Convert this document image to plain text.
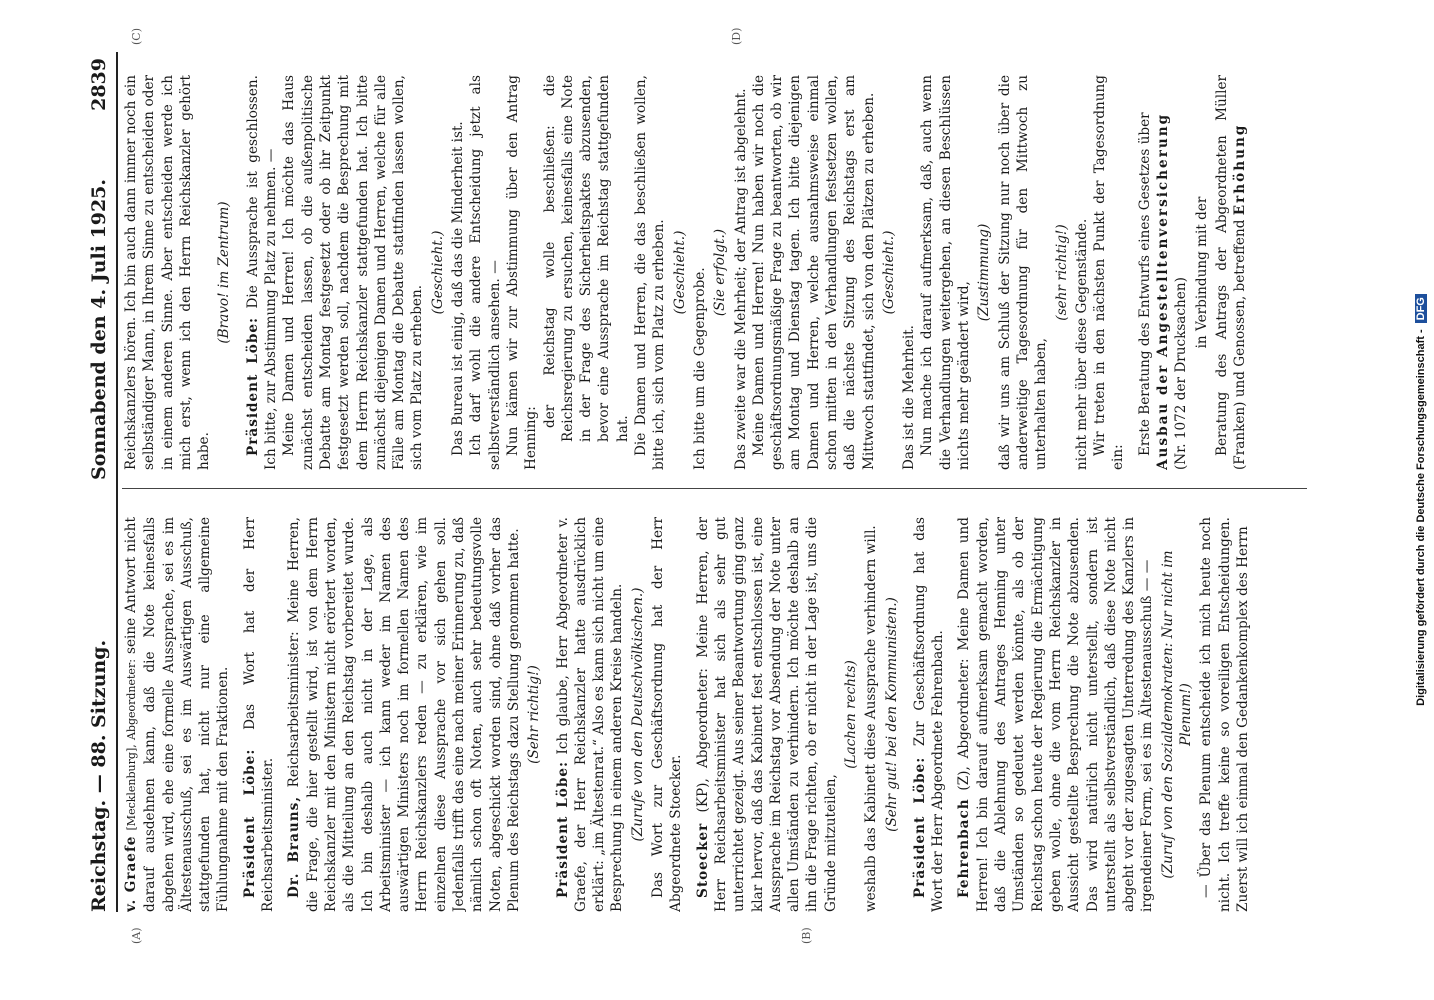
Reichstag. — 88. Sitzung.
Sonnabend den 4. Juli 1925.
2839
(A)	(B)
(C)	(D)

v. Graefe [Mecklenburg], Abgeordneter: seine Antwort nicht darauf ausdehnen kann, daß die Note keinesfalls abgehen wird, ehe eine formelle Aussprache, sei es im Ältestenausschuß, sei es im Auswärtigen Ausschuß, stattgefunden hat, nicht nur eine allgemeine Fühlungnahme mit den Fraktionen. Präsident Löbe: Das Wort hat der Herr Reichsarbeitsminister. Dr. Brauns, Reichsarbeitsminister: Meine Herren, die Frage, die hier gestellt wird, ist von dem Herrn Reichskanzler mit den Ministern nicht erörtert worden, als die Mitteilung an den Reichstag vorbereitet wurde. Ich bin deshalb auch nicht in der Lage, als Arbeitsminister — ich kann weder im Namen des auswärtigen Ministers noch im formellen Namen des Herrn Reichskanzlers reden — zu erklären, wie im einzelnen diese Aussprache vor sich gehen soll. Jedenfalls trifft das eine nach meiner Erinnerung zu, daß nämlich schon oft Noten, auch sehr bedeutungsvolle Noten, abgeschickt worden sind, ohne daß vorher das Plenum des Reichstags dazu Stellung genommen hatte. (Sehr richtig!)

Präsident Löbe: Ich glaube, Herr Abgeordneter v. Graefe, der Herr Reichskanzler hatte ausdrücklich erklärt: „im Ältestenrat.“ Also es kann sich nicht um eine Besprechung in einem anderen Kreise handeln. (Zurufe von den Deutschvölkischen.) Das Wort zur Geschäftsordnung hat der Herr Abgeordnete Stoecker. Stoecker (KP), Abgeordneter: Meine Herren, der Herr Reichsarbeitsminister hat sich als sehr gut unterrichtet gezeigt. Aus seiner Beantwortung ging ganz klar hervor, daß das Kabinett fest entschlossen ist, eine Aussprache im Reichstag vor Absendung der Note unter allen Umständen zu verhindern. Ich möchte deshalb an ihn die Frage richten, ob er nicht in der Lage ist, uns die Gründe mitzuteilen,

(Lachen rechts) weshalb das Kabinett diese Aussprache verhindern will. (Sehr gut! bei den Kommunisten.) Präsident Löbe: Zur Geschäftsordnung hat das Wort der Herr Abgeordnete Fehrenbach. Fehrenbach (Z), Abgeordneter: Meine Damen und Herren! Ich bin darauf aufmerksam gemacht worden, daß die Ablehnung des Antrages Henning unter Umständen so gedeutet werden könnte, als ob der Reichstag schon heute der Regierung die Ermächtigung geben wolle, ohne die vom Herrn Reichskanzler in Aussicht gestellte Besprechung die Note abzusenden. Das wird natürlich nicht unterstellt, sondern ist unterstellt als selbstverständlich, daß diese Note nicht abgeht vor der zugesagten Unterredung des Kanzlers in irgendeiner Form, sei es im Ältestenausschuß — — (Zuruf von den Sozialdemokraten: Nur nicht im Plenum!) — Über das Plenum entscheide ich mich heute noch nicht. Ich treffe keine so voreiligen Entscheidungen. Zuerst will ich einmal den Gedankenkomplex des Herrn

Reichskanzlers hören. Ich bin auch dann immer noch ein selbständiger Mann, in Ihrem Sinne zu entscheiden oder in einem anderen Sinne. Aber entscheiden werde ich mich erst, wenn ich den Herrn Reichskanzler gehört habe.

(Bravo! im Zentrum)

Präsident Löbe: Die Aussprache ist geschlossen. Ich bitte, zur Abstimmung Platz zu nehmen. — Meine Damen und Herren! Ich möchte das Haus zunächst entscheiden lassen, ob die außenpolitische Debatte am Montag festgesetzt oder ob ihr Zeitpunkt festgesetzt werden soll, nachdem die Besprechung mit dem Herrn Reichskanzler stattgefunden hat. Ich bitte zunächst diejenigen Damen und Herren, welche für alle Fälle am Montag die Debatte stattfinden lassen wollen, sich vom Platz zu erheben.

(Geschieht.) Das Bureau ist einig, daß das die Minderheit ist. Ich darf wohl die andere Entscheidung jetzt als selbstverständlich ansehen. — Nun kämen wir zur Abstimmung über den Antrag Henning:

der Reichstag wolle beschließen: die Reichsregierung zu ersuchen, keinesfalls eine Note in der Frage des Sicherheitspaktes abzusenden, bevor eine Aussprache im Reichstag stattgefunden hat. Die Damen und Herren, die das beschließen wollen, bitte ich, sich vom Platz zu erheben. (Geschieht.) Ich bitte um die Gegenprobe. (Sie erfolgt.) Das zweite war die Mehrheit; der Antrag ist abgelehnt. Meine Damen und Herren! Nun haben wir noch die geschäftsordnungsmäßige Frage zu beantworten, ob wir am Montag und Dienstag tagen. Ich bitte diejenigen Damen und Herren, welche ausnahmsweise einmal schon mitten in den Verhandlungen festsetzen wollen, daß die nächste Sitzung des Reichstags erst am Mittwoch stattfindet, sich von den Plätzen zu erheben. (Geschieht.)

Das ist die Mehrheit. Nun mache ich darauf aufmerksam, daß, auch wenn die Verhandlungen weitergehen, an diesen Beschlüssen nichts mehr geändert wird,

(Zustimmung) daß wir uns am Schluß der Sitzung nur noch über die anderweitige Tagesordnung für den Mittwoch zu unterhalten haben,

(sehr richtig!) nicht mehr über diese Gegenstände. Wir treten in den nächsten Punkt der Tagesordnung ein:

Erste Beratung des Entwurfs eines Gesetzes über Ausbau der Angestelltenversicherung (Nr. 1072 der Drucksachen)

in Verbindung mit der Beratung des Antrags der Abgeordneten Müller (Franken) und Genossen, betreffend Erhöhung

Digitalisierung gefördert durch die Deutsche Forschungsgemeinschaft -DFG
